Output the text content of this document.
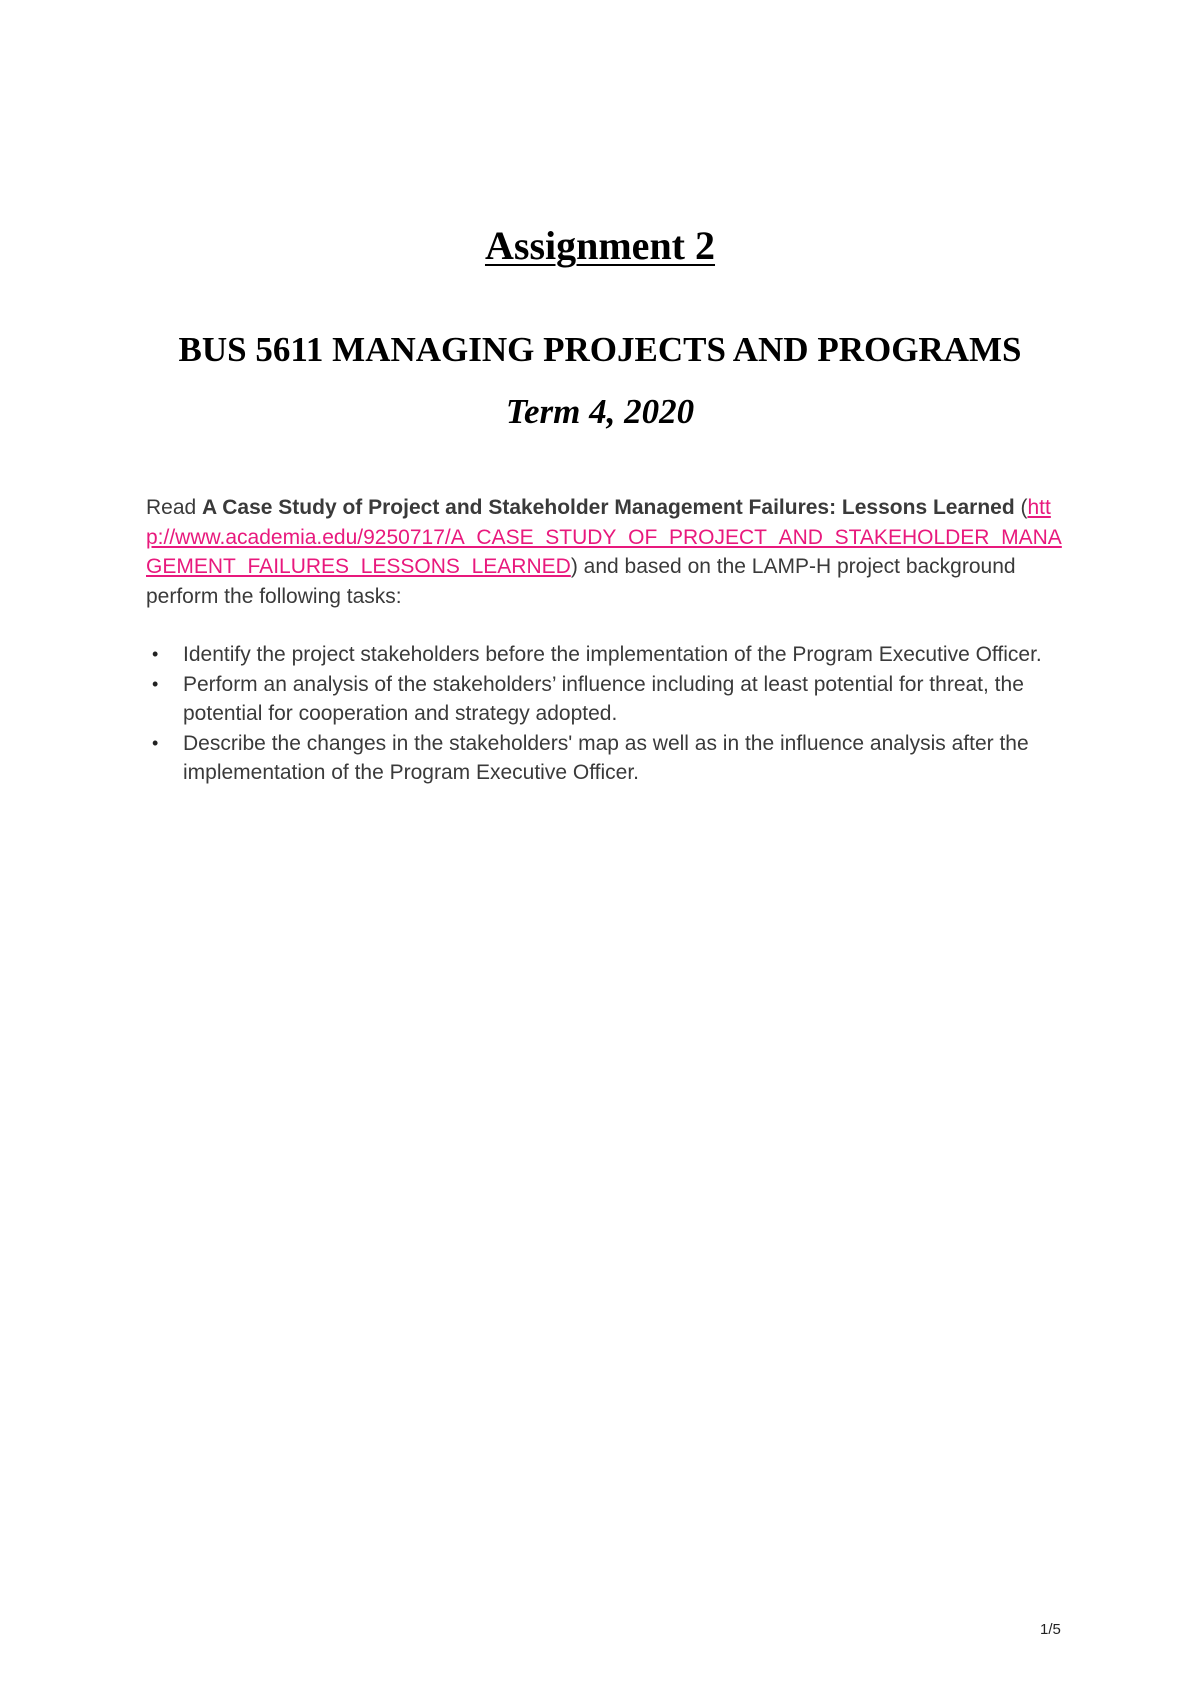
Assignment 2
BUS 5611 MANAGING PROJECTS AND PROGRAMS
Term 4, 2020

Read A Case Study of Project and Stakeholder Management Failures: Lessons Learned (http://www.academia.edu/9250717/A_CASE_STUDY_OF_PROJECT_AND_STAKEHOLDER_MANAGEMENT_FAILURES_LESSONS_LEARNED) and based on the LAMP-H project background perform the following tasks:

• Identify the project stakeholders before the implementation of the Program Executive Officer.
• Perform an analysis of the stakeholders’ influence including at least potential for threat, the potential for cooperation and strategy adopted.
• Describe the changes in the stakeholders' map as well as in the influence analysis after the implementation of the Program Executive Officer.
1/5
